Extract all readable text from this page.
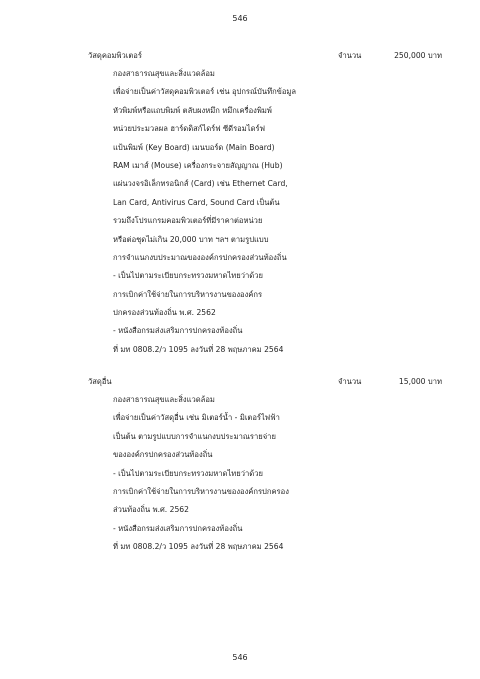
546
วัสดุคอมพิวเตอร์	จำนวน	250,000 บาท
กองสาธารณสุขและสิ่งแวดล้อม
เพื่อจ่ายเป็นค่าวัสดุคอมพิวเตอร์ เช่น อุปกรณ์บันทึกข้อมูล
หัวพิมพ์หรือแถบพิมพ์ ตลับผงหมึก หมึกเครื่องพิมพ์
หน่วยประมวลผล ฮาร์ดดิสก์ไดร์ฟ ซีดีรอมไดร์ฟ
แป้นพิมพ์ (Key Board) เมนบอร์ด (Main Board)
RAM เมาส์ (Mouse) เครื่องกระจายสัญญาณ (Hub)
แผ่นวงจรอิเล็กทรอนิกส์ (Card) เช่น Ethernet Card,
Lan Card, Antivirus Card, Sound Card เป็นต้น
รวมถึงโปรแกรมคอมพิวเตอร์ที่มีราคาต่อหน่วย
หรือต่อชุดไม่เกิน 20,000 บาท ฯลฯ ตามรูปแบบ
การจำแนกงบประมาณขององค์กรปกครองส่วนท้องถิ่น
- เป็นไปตามระเบียบกระทรวงมหาดไทยว่าด้วย
การเบิกค่าใช้จ่ายในการบริหารงานขององค์กร
ปกครองส่วนท้องถิ่น พ.ศ. 2562
- หนังสือกรมส่งเสริมการปกครองท้องถิ่น
ที่ มท 0808.2/ว 1095 ลงวันที่ 28 พฤษภาคม 2564
วัสดุอื่น	จำนวน	15,000 บาท
กองสาธารณสุขและสิ่งแวดล้อม
เพื่อจ่ายเป็นค่าวัสดุอื่น เช่น มิเตอร์น้ำ - มิเตอร์ไฟฟ้า
เป็นต้น ตามรูปแบบการจำแนกงบประมาณรายจ่าย
ขององค์กรปกครองส่วนท้องถิ่น
- เป็นไปตามระเบียบกระทรวงมหาดไทยว่าด้วย
การเบิกค่าใช้จ่ายในการบริหารงานขององค์กรปกครอง
ส่วนท้องถิ่น พ.ศ. 2562
- หนังสือกรมส่งเสริมการปกครองท้องถิ่น
ที่ มท 0808.2/ว 1095 ลงวันที่ 28 พฤษภาคม 2564
546
